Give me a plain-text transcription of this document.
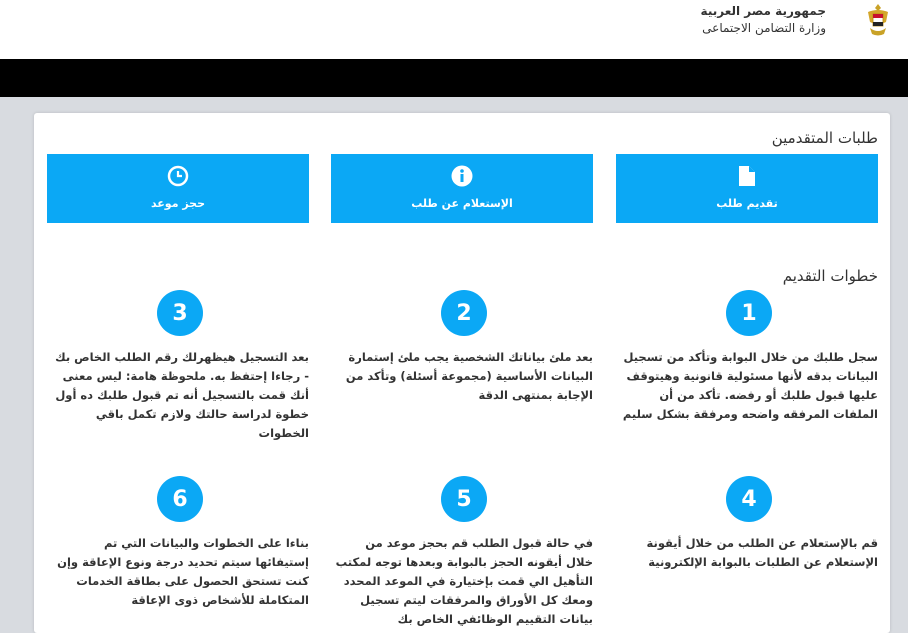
جمهورية مصر العربية
وزارة التضامن الاجتماعى
طلبات المتقدمين
تقديم طلب
الإستعلام عن طلب
حجز موعد
خطوات التقديم
1
سجل طلبك من خلال البوابة وتأكد من تسجيل البيانات بدقه لأنها مسئولية قانونية وهيتوقف عليها قبول طلبك أو رفضه. تأكد من أن الملفات المرفقه واضحه ومرفقة بشكل سليم
2
بعد ملئ بياناتك الشخصية يجب ملئ إستمارة البيانات الأساسية (مجموعة أسئلة) وتأكد من الإجابة بمنتهى الدقة
3
بعد التسجيل هيظهرلك رقم الطلب الخاص بك - رجاءا إحتفظ به. ملحوظة هامة: ليس معنى أنك قمت بالتسجيل أنه تم قبول طلبك ده أول خطوة لدراسة حالتك ولازم تكمل باقي الخطوات
4
قم بالإستعلام عن الطلب من خلال أيقونة الإستعلام عن الطلبات بالبوابة الإلكترونية
5
في حالة قبول الطلب قم بحجز موعد من خلال أيقونه الحجز بالبوابة وبعدها توجه لمكتب التأهيل الي قمت بإختيارة في الموعد المحدد ومعك كل الأوراق والمرفقات ليتم تسجيل بيانات التقييم الوظائفي الخاص بك
6
بناءا على الخطوات والبيانات التي تم إستيفائها سيتم تحديد درجة ونوع الإعاقة وإن كنت تستحق الحصول على بطاقة الخدمات المتكاملة للأشخاص ذوى الإعاقة
